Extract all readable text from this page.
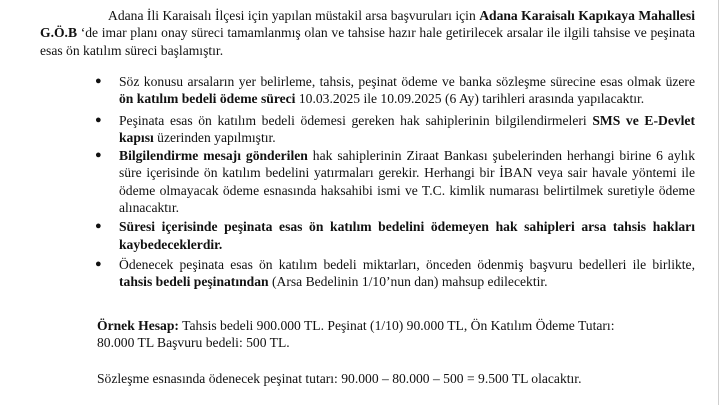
Adana İli Karaisalı İlçesi için yapılan müstakil arsa başvuruları için Adana Karaisalı Kapıkaya Mahallesi G.Ö.B ‘de imar planı onay süreci tamamlanmış olan ve tahsise hazır hale getirilecek arsalar ile ilgili tahsise ve peşinata esas ön katılım süreci başlamıştır.

● Söz konusu arsaların yer belirleme, tahsis, peşinat ödeme ve banka sözleşme sürecine esas olmak üzere ön katılım bedeli ödeme süreci 10.03.2025 ile 10.09.2025 (6 Ay) tarihleri arasında yapılacaktır.
● Peşinata esas ön katılım bedeli ödemesi gereken hak sahiplerinin bilgilendirmeleri SMS ve E-Devlet kapısı üzerinden yapılmıştır.
● Bilgilendirme mesajı gönderilen hak sahiplerinin Ziraat Bankası şubelerinden herhangi birine 6 aylık süre içerisinde ön katılım bedelini yatırmaları gerekir. Herhangi bir İBAN veya sair havale yöntemi ile ödeme olmayacak ödeme esnasında haksahibi ismi ve T.C. kimlik numarası belirtilmek suretiyle ödeme alınacaktır.
● Süresi içerisinde peşinata esas ön katılım bedelini ödemeyen hak sahipleri arsa tahsis hakları kaybedeceklerdir.
● Ödenecek peşinata esas ön katılım bedeli miktarları, önceden ödenmiş başvuru bedelleri ile birlikte, tahsis bedeli peşinatından (Arsa Bedelinin 1/10’nun dan) mahsup edilecektir.

Örnek Hesap: Tahsis bedeli 900.000 TL. Peşinat (1/10) 90.000 TL, Ön Katılım Ödeme Tutarı:

80.000 TL Başvuru bedeli: 500 TL.

Sözleşme esnasında ödenecek peşinat tutarı: 90.000 – 80.000 – 500 = 9.500 TL olacaktır.
